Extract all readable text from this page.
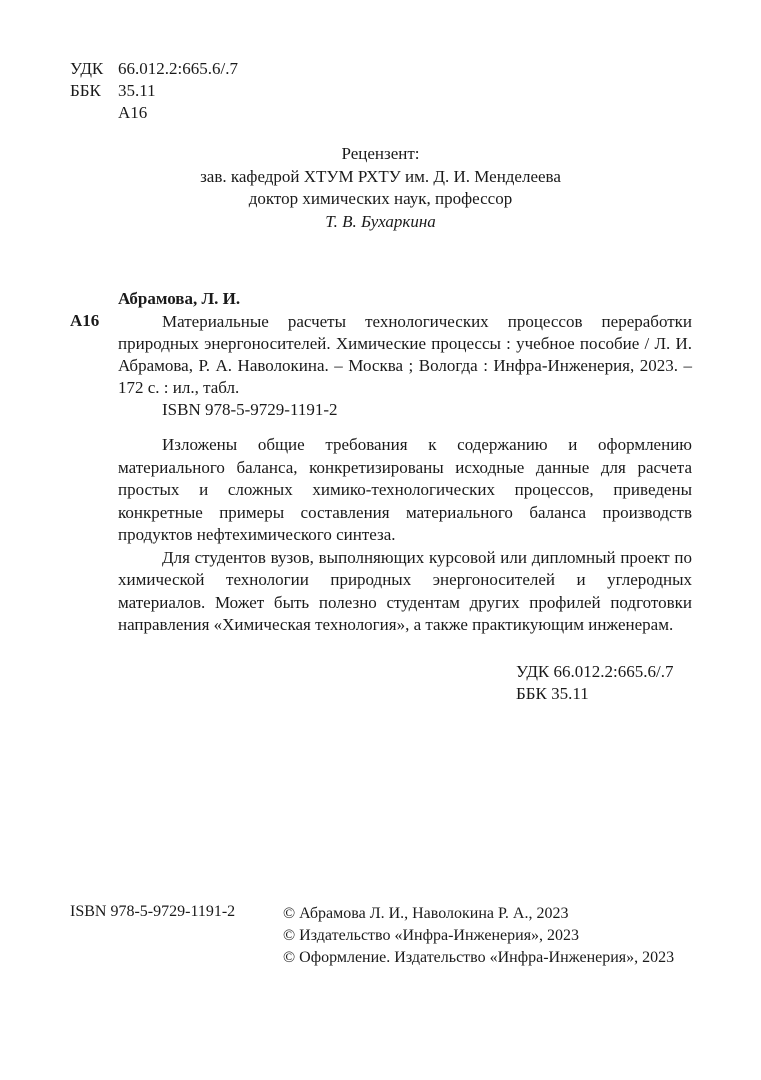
УДК 66.012.2:665.6/.7
ББК	35.11
А16
Рецензент:
зав. кафедрой ХТУМ РХТУ им. Д. И. Менделеева
доктор химических наук, профессор
Т. В. Бухаркина
Абрамова, Л. И.
А16	Материальные расчеты технологических процессов переработки природных энергоносителей. Химические процессы : учебное пособие / Л. И. Абрамова, Р. А. Наволокина. – Москва ; Вологда : Инфра-Инженерия, 2023. – 172 с. : ил., табл.

ISBN 978-5-9729-1191-2

Изложены общие требования к содержанию и оформлению материального баланса, конкретизированы исходные данные для расчета простых и сложных химико-технологических процессов, приведены конкретные примеры составления материального баланса производств продуктов нефтехимического синтеза.

Для студентов вузов, выполняющих курсовой или дипломный проект по химической технологии природных энергоносителей и углеродных материалов. Может быть полезно студентам других профилей подготовки направления «Химическая технология», а также практикующим инженерам.

УДК 66.012.2:665.6/.7
ББК 35.11
ISBN 978-5-9729-1191-2	© Абрамова Л. И., Наволокина Р. А., 2023
© Издательство «Инфра-Инженерия», 2023
© Оформление. Издательство «Инфра-Инженерия», 2023
